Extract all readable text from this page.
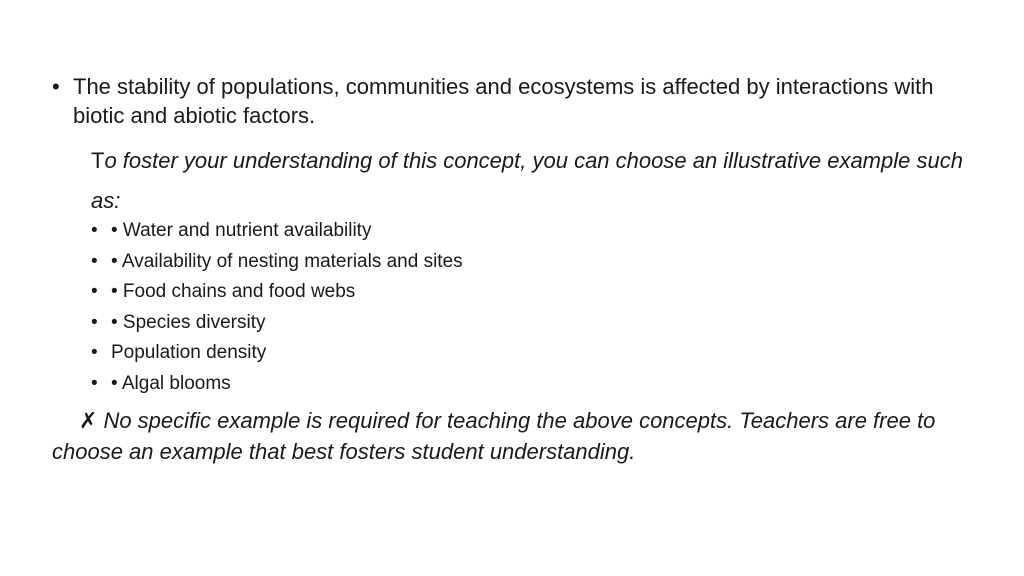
• The stability of populations, communities and ecosystems is affected by interactions with biotic and abiotic factors.
To foster your understanding of this concept, you can choose an illustrative example such as:
• • Water and nutrient availability
• • Availability of nesting materials and sites
• • Food chains and food webs
• • Species diversity
• Population density
• • Algal blooms
✗ No specific example is required for teaching the above concepts. Teachers are free to choose an example that best fosters student understanding.
